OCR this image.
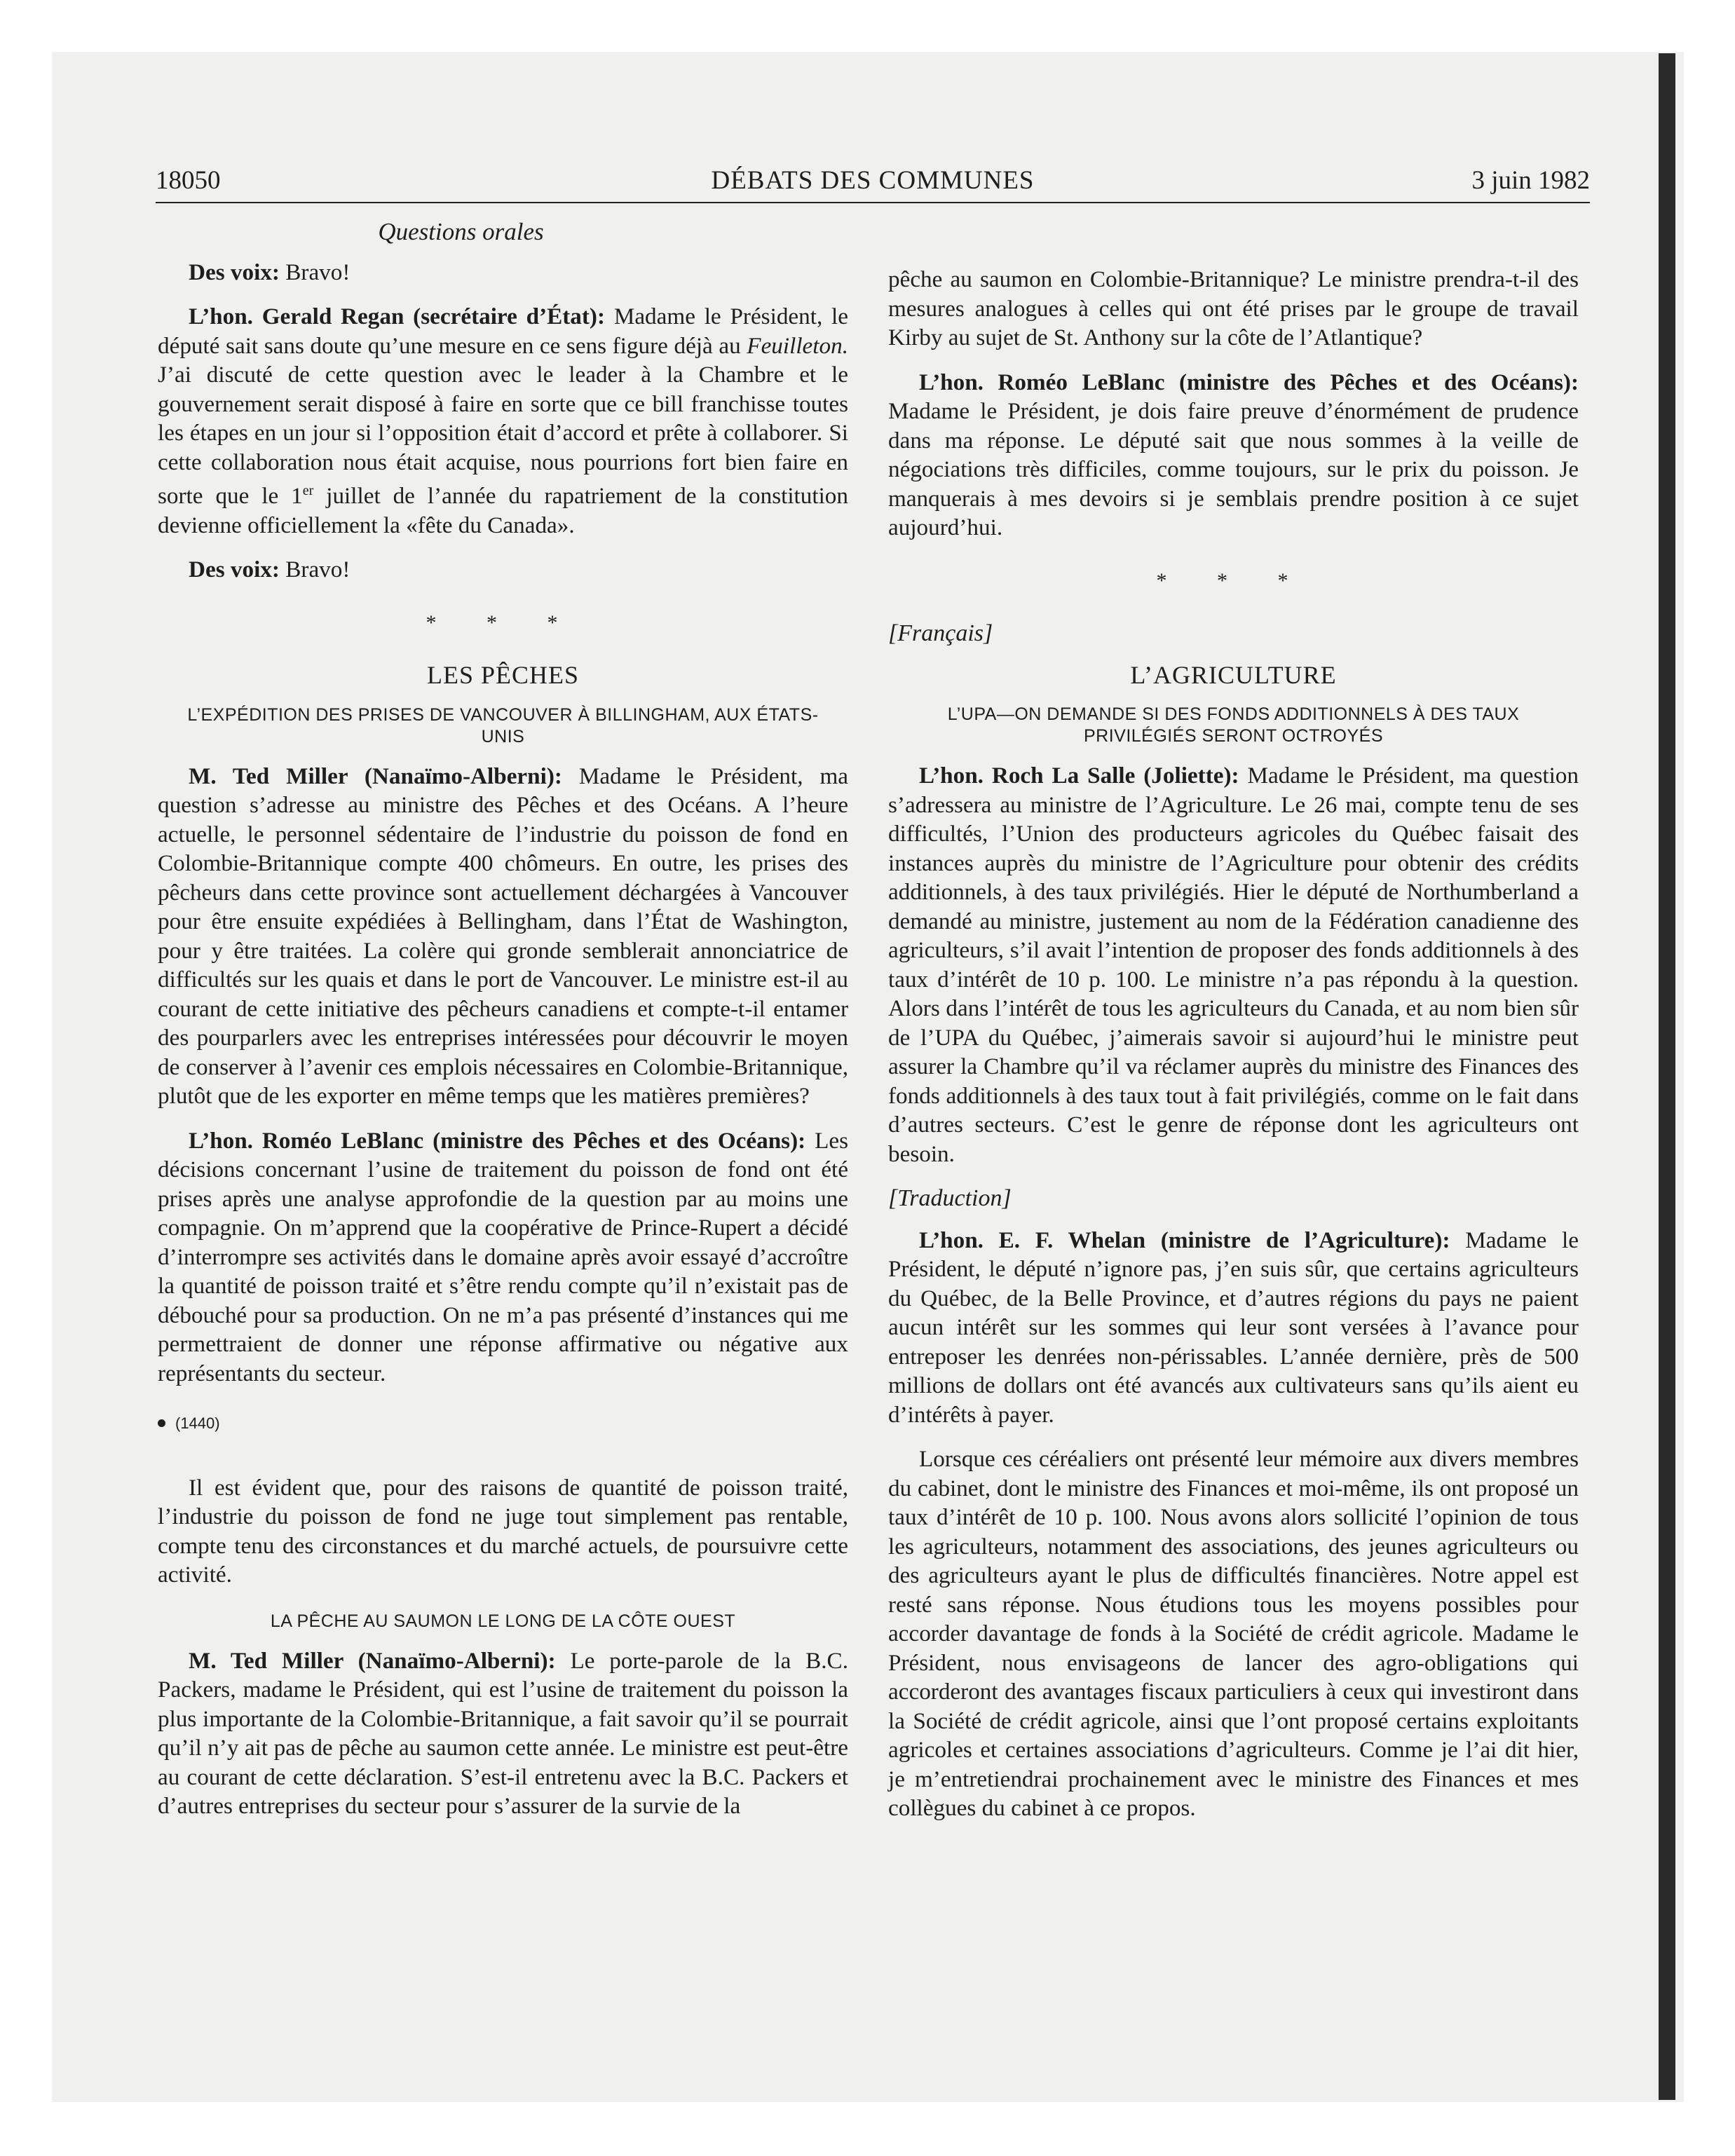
18050	DÉBATS DES COMMUNES	3 juin 1982
Questions orales

Des voix: Bravo!

L’hon. Gerald Regan (secrétaire d’État): Madame le Président, le député sait sans doute qu’une mesure en ce sens figure déjà au Feuilleton. J’ai discuté de cette question avec le leader à la Chambre et le gouvernement serait disposé à faire en sorte que ce bill franchisse toutes les étapes en un jour si l’opposition était d’accord et prête à collaborer. Si cette collaboration nous était acquise, nous pourrions fort bien faire en sorte que le 1er juillet de l’année du rapatriement de la constitution devienne officiellement la «fête du Canada».

Des voix: Bravo!

* * *
LES PÊCHES
L’EXPÉDITION DES PRISES DE VANCOUVER À BILLINGHAM, AUX ÉTATS-UNIS

M. Ted Miller (Nanaïmo-Alberni): Madame le Président, ma question s’adresse au ministre des Pêches et des Océans. A l’heure actuelle, le personnel sédentaire de l’industrie du poisson de fond en Colombie-Britannique compte 400 chômeurs. En outre, les prises des pêcheurs dans cette province sont actuellement déchargées à Vancouver pour être ensuite expédiées à Bellingham, dans l’État de Washington, pour y être traitées. La colère qui gronde semblerait annonciatrice de difficultés sur les quais et dans le port de Vancouver. Le ministre est-il au courant de cette initiative des pêcheurs canadiens et compte-t-il entamer des pourparlers avec les entreprises intéressées pour découvrir le moyen de conserver à l’avenir ces emplois nécessaires en Colombie-Britannique, plutôt que de les exporter en même temps que les matières premières?

L’hon. Roméo LeBlanc (ministre des Pêches et des Océans): Les décisions concernant l’usine de traitement du poisson de fond ont été prises après une analyse approfondie de la question par au moins une compagnie. On m’apprend que la coopérative de Prince-Rupert a décidé d’interrompre ses activités dans le domaine après avoir essayé d’accroître la quantité de poisson traité et s’être rendu compte qu’il n’existait pas de débouché pour sa production. On ne m’a pas présenté d’instances qui me permettraient de donner une réponse affirmative ou négative aux représentants du secteur.

(1440)

Il est évident que, pour des raisons de quantité de poisson traité, l’industrie du poisson de fond ne juge tout simplement pas rentable, compte tenu des circonstances et du marché actuels, de poursuivre cette activité.

LA PÊCHE AU SAUMON LE LONG DE LA CÔTE OUEST

M. Ted Miller (Nanaïmo-Alberni): Le porte-parole de la B.C. Packers, madame le Président, qui est l’usine de traitement du poisson la plus importante de la Colombie-Britannique, a fait savoir qu’il se pourrait qu’il n’y ait pas de pêche au saumon cette année. Le ministre est peut-être au courant de cette déclaration. S’est-il entretenu avec la B.C. Packers et d’autres entreprises du secteur pour s’assurer de la survie de la

pêche au saumon en Colombie-Britannique? Le ministre prendra-t-il des mesures analogues à celles qui ont été prises par le groupe de travail Kirby au sujet de St. Anthony sur la côte de l’Atlantique?

L’hon. Roméo LeBlanc (ministre des Pêches et des Océans): Madame le Président, je dois faire preuve d’énormément de prudence dans ma réponse. Le député sait que nous sommes à la veille de négociations très difficiles, comme toujours, sur le prix du poisson. Je manquerais à mes devoirs si je semblais prendre position à ce sujet aujourd’hui.

* * *
[Français]
L’AGRICULTURE
L’UPA—ON DEMANDE SI DES FONDS ADDITIONNELS À DES TAUX PRIVILÉGIÉS SERONT OCTROYÉS

L’hon. Roch La Salle (Joliette): Madame le Président, ma question s’adressera au ministre de l’Agriculture. Le 26 mai, compte tenu de ses difficultés, l’Union des producteurs agricoles du Québec faisait des instances auprès du ministre de l’Agriculture pour obtenir des crédits additionnels, à des taux privilégiés. Hier le député de Northumberland a demandé au ministre, justement au nom de la Fédération canadienne des agriculteurs, s’il avait l’intention de proposer des fonds additionnels à des taux d’intérêt de 10 p. 100. Le ministre n’a pas répondu à la question. Alors dans l’intérêt de tous les agriculteurs du Canada, et au nom bien sûr de l’UPA du Québec, j’aimerais savoir si aujourd’hui le ministre peut assurer la Chambre qu’il va réclamer auprès du ministre des Finances des fonds additionnels à des taux tout à fait privilégiés, comme on le fait dans d’autres secteurs. C’est le genre de réponse dont les agriculteurs ont besoin.

[Traduction]

L’hon. E. F. Whelan (ministre de l’Agriculture): Madame le Président, le député n’ignore pas, j’en suis sûr, que certains agriculteurs du Québec, de la Belle Province, et d’autres régions du pays ne paient aucun intérêt sur les sommes qui leur sont versées à l’avance pour entreposer les denrées non-périssables. L’année dernière, près de 500 millions de dollars ont été avancés aux cultivateurs sans qu’ils aient eu d’intérêts à payer.

Lorsque ces céréaliers ont présenté leur mémoire aux divers membres du cabinet, dont le ministre des Finances et moi-même, ils ont proposé un taux d’intérêt de 10 p. 100. Nous avons alors sollicité l’opinion de tous les agriculteurs, notamment des associations, des jeunes agriculteurs ou des agriculteurs ayant le plus de difficultés financières. Notre appel est resté sans réponse. Nous étudions tous les moyens possibles pour accorder davantage de fonds à la Société de crédit agricole. Madame le Président, nous envisageons de lancer des agro-obligations qui accorderont des avantages fiscaux particuliers à ceux qui investiront dans la Société de crédit agricole, ainsi que l’ont proposé certains exploitants agricoles et certaines associations d’agriculteurs. Comme je l’ai dit hier, je m’entretiendrai prochainement avec le ministre des Finances et mes collègues du cabinet à ce propos.
